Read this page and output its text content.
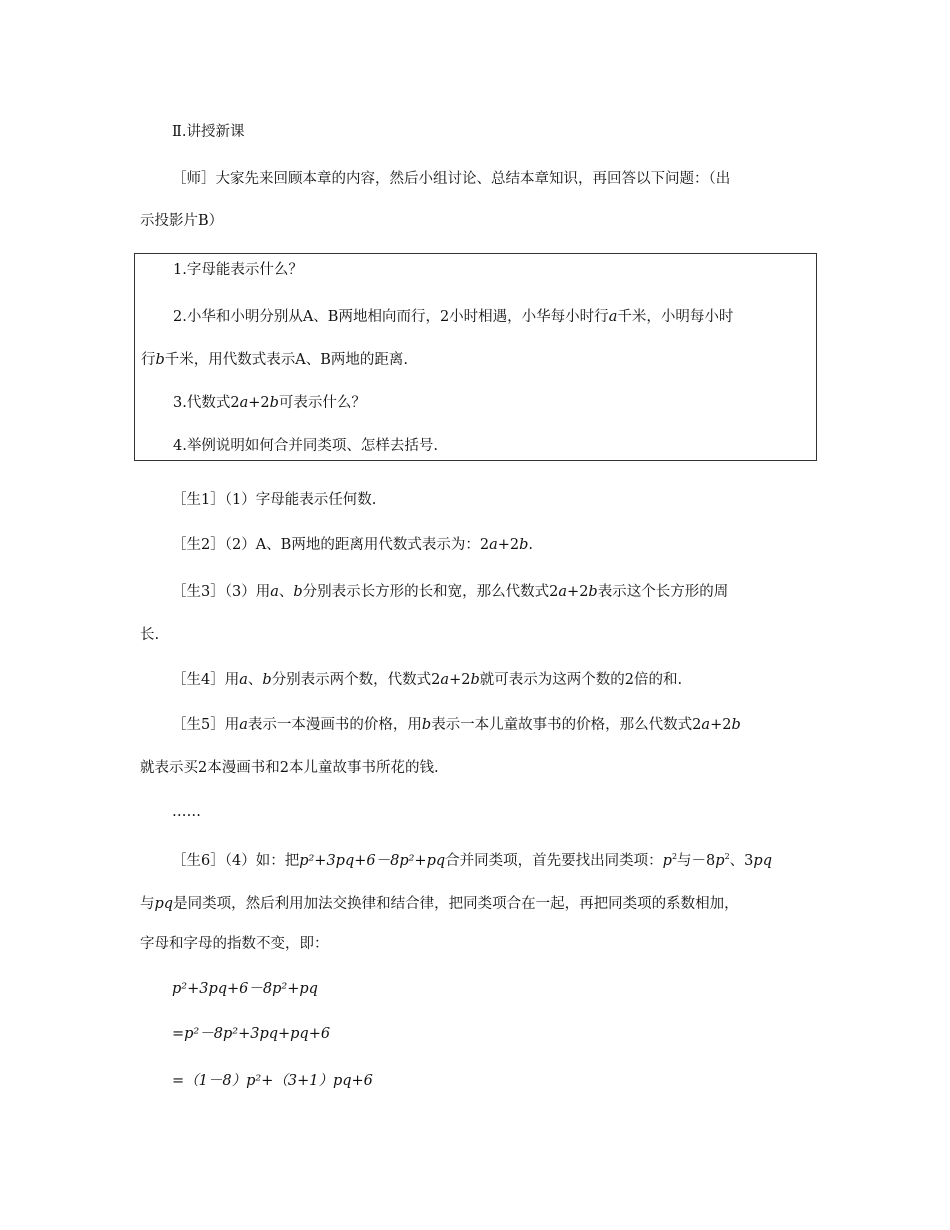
Ⅱ.讲授新课
［师］大家先来回顾本章的内容，然后小组讨论、总结本章知识，再回答以下问题：（出
示投影片B）
1.字母能表示什么？
2.小华和小明分别从A、B两地相向而行，2小时相遇，小华每小时行a千米，小明每小时
行b千米，用代数式表示A、B两地的距离.
3.代数式2a+2b可表示什么？
4.举例说明如何合并同类项、怎样去括号.
［生1］（1）字母能表示任何数.
［生2］（2）A、B两地的距离用代数式表示为：2a+2b.
［生3］（3）用a、b分别表示长方形的长和宽，那么代数式2a+2b表示这个长方形的周
长.
［生4］用a、b分别表示两个数，代数式2a+2b就可表示为这两个数的2倍的和.
［生5］用a表示一本漫画书的价格，用b表示一本儿童故事书的价格，那么代数式2a+2b
就表示买2本漫画书和2本儿童故事书所花的钱.
……
［生6］（4）如：把p²+3pq+6－8p²+pq合并同类项，首先要找出同类项：$p^2$与$-8p^2$、3pq
与pq是同类项，然后利用加法交换律和结合律，把同类项合在一起，再把同类项的系数相加，
字母和字母的指数不变，即：
p²+3pq+6－8p²+pq
=p²－8p²+3pq+pq+6
=（1－8）p²+（3+1）pq+6
